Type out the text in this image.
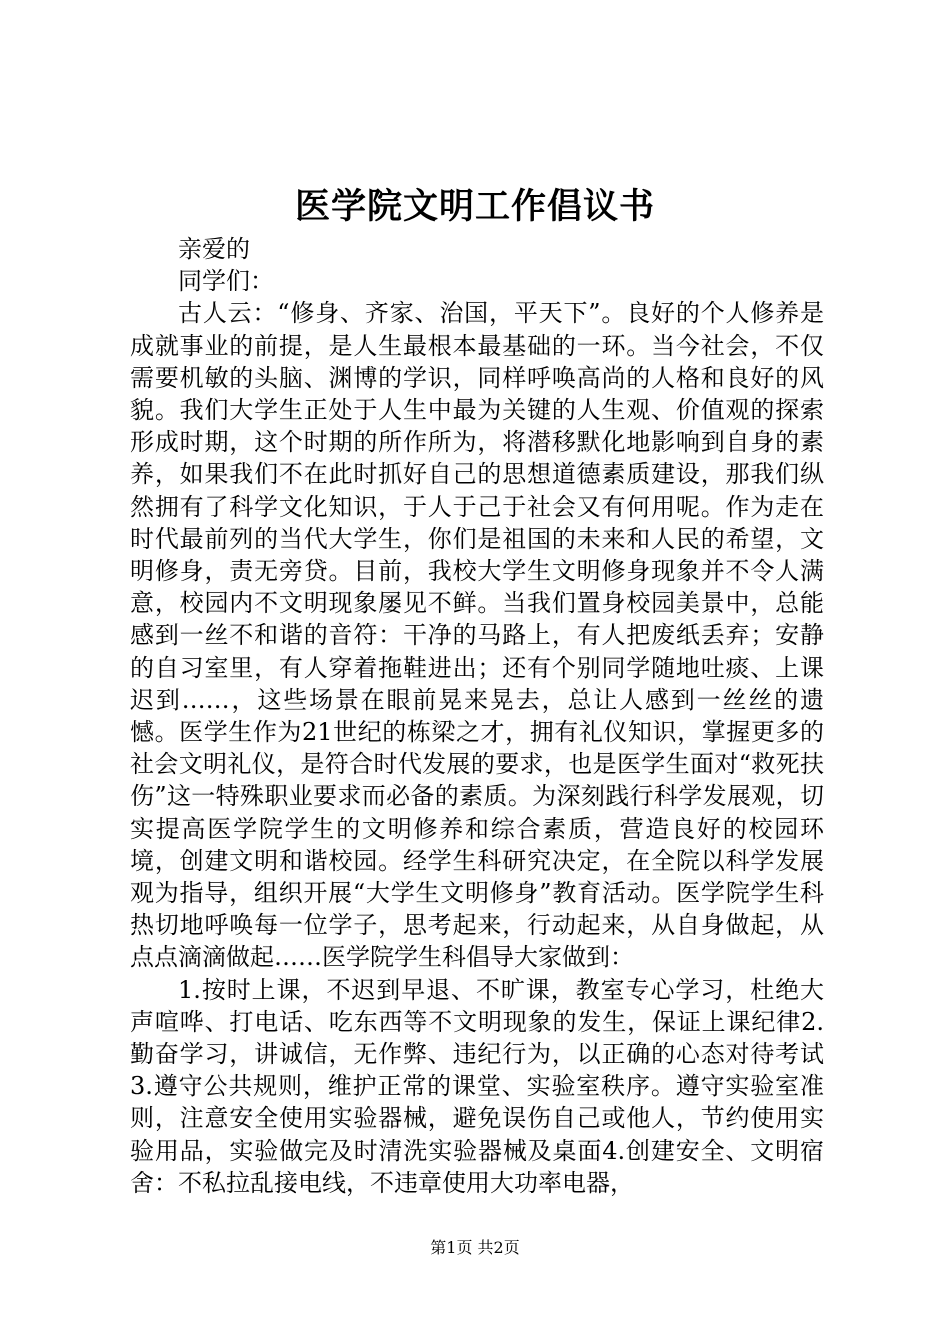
医学院文明工作倡议书

亲爱的

同学们：

古人云：“修身、齐家、治国，平天下”。良好的个人修养是成就事业的前提，是人生最根本最基础的一环。当今社会，不仅需要机敏的头脑、渊博的学识，同样呼唤高尚的人格和良好的风貌。我们大学生正处于人生中最为关键的人生观、价值观的探索形成时期，这个时期的所作所为，将潜移默化地影响到自身的素养，如果我们不在此时抓好自己的思想道德素质建设，那我们纵然拥有了科学文化知识，于人于己于社会又有何用呢。作为走在时代最前列的当代大学生，你们是祖国的未来和人民的希望，文明修身，责无旁贷。目前，我校大学生文明修身现象并不令人满意，校园内不文明现象屡见不鲜。当我们置身校园美景中，总能感到一丝不和谐的音符：干净的马路上，有人把废纸丢弃；安静的自习室里，有人穿着拖鞋进出；还有个别同学随地吐痰、上课迟到……，这些场景在眼前晃来晃去，总让人感到一丝丝的遗憾。医学生作为21世纪的栋梁之才，拥有礼仪知识，掌握更多的社会文明礼仪，是符合时代发展的要求，也是医学生面对“救死扶伤”这一特殊职业要求而必备的素质。为深刻践行科学发展观，切实提高医学院学生的文明修养和综合素质，营造良好的校园环境，创建文明和谐校园。经学生科研究决定，在全院以科学发展观为指导，组织开展“大学生文明修身”教育活动。医学院学生科热切地呼唤每一位学子，思考起来，行动起来，从自身做起，从点点滴滴做起……医学院学生科倡导大家做到：

1.按时上课，不迟到早退、不旷课，教室专心学习，杜绝大声喧哗、打电话、吃东西等不文明现象的发生，保证上课纪律2.勤奋学习，讲诚信，无作弊、违纪行为，以正确的心态对待考试3.遵守公共规则，维护正常的课堂、实验室秩序。遵守实验室准则，注意安全使用实验器械，避免误伤自己或他人，节约使用实验用品，实验做完及时清洗实验器械及桌面4.创建安全、文明宿舍：不私拉乱接电线，不违章使用大功率电器，

第1页 共2页
